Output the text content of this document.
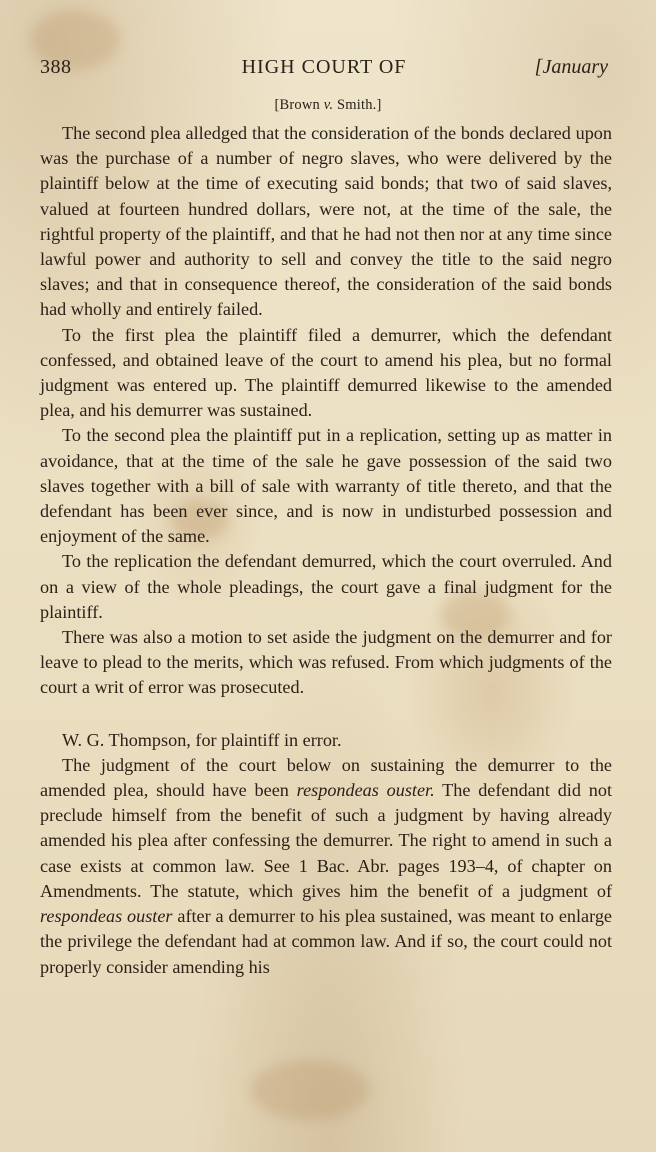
388	HIGH COURT OF	[January
[Brown v. Smith.]

The second plea alledged that the consideration of the bonds declared upon was the purchase of a number of negro slaves, who were delivered by the plaintiff below at the time of executing said bonds; that two of said slaves, valued at fourteen hundred dollars, were not, at the time of the sale, the rightful property of the plaintiff, and that he had not then nor at any time since lawful power and authority to sell and convey the title to the said negro slaves; and that in consequence thereof, the consideration of the said bonds had wholly and entirely failed.

To the first plea the plaintiff filed a demurrer, which the defendant confessed, and obtained leave of the court to amend his plea, but no formal judgment was entered up. The plaintiff demurred likewise to the amended plea, and his demurrer was sustained.

To the second plea the plaintiff put in a replication, setting up as matter in avoidance, that at the time of the sale he gave possession of the said two slaves together with a bill of sale with warranty of title thereto, and that the defendant has been ever since, and is now in undisturbed possession and enjoyment of the same.

To the replication the defendant demurred, which the court overruled. And on a view of the whole pleadings, the court gave a final judgment for the plaintiff.

There was also a motion to set aside the judgment on the demurrer and for leave to plead to the merits, which was refused. From which judgments of the court a writ of error was prosecuted.

W. G. Thompson, for plaintiff in error.

The judgment of the court below on sustaining the demurrer to the amended plea, should have been respondeas ouster. The defendant did not preclude himself from the benefit of such a judgment by having already amended his plea after confessing the demurrer. The right to amend in such a case exists at common law. See 1 Bac. Abr. pages 193–4, of chapter on Amendments. The statute, which gives him the benefit of a judgment of respondeas ouster after a demurrer to his plea sustained, was meant to enlarge the privilege the defendant had at common law. And if so, the court could not properly consider amending his
